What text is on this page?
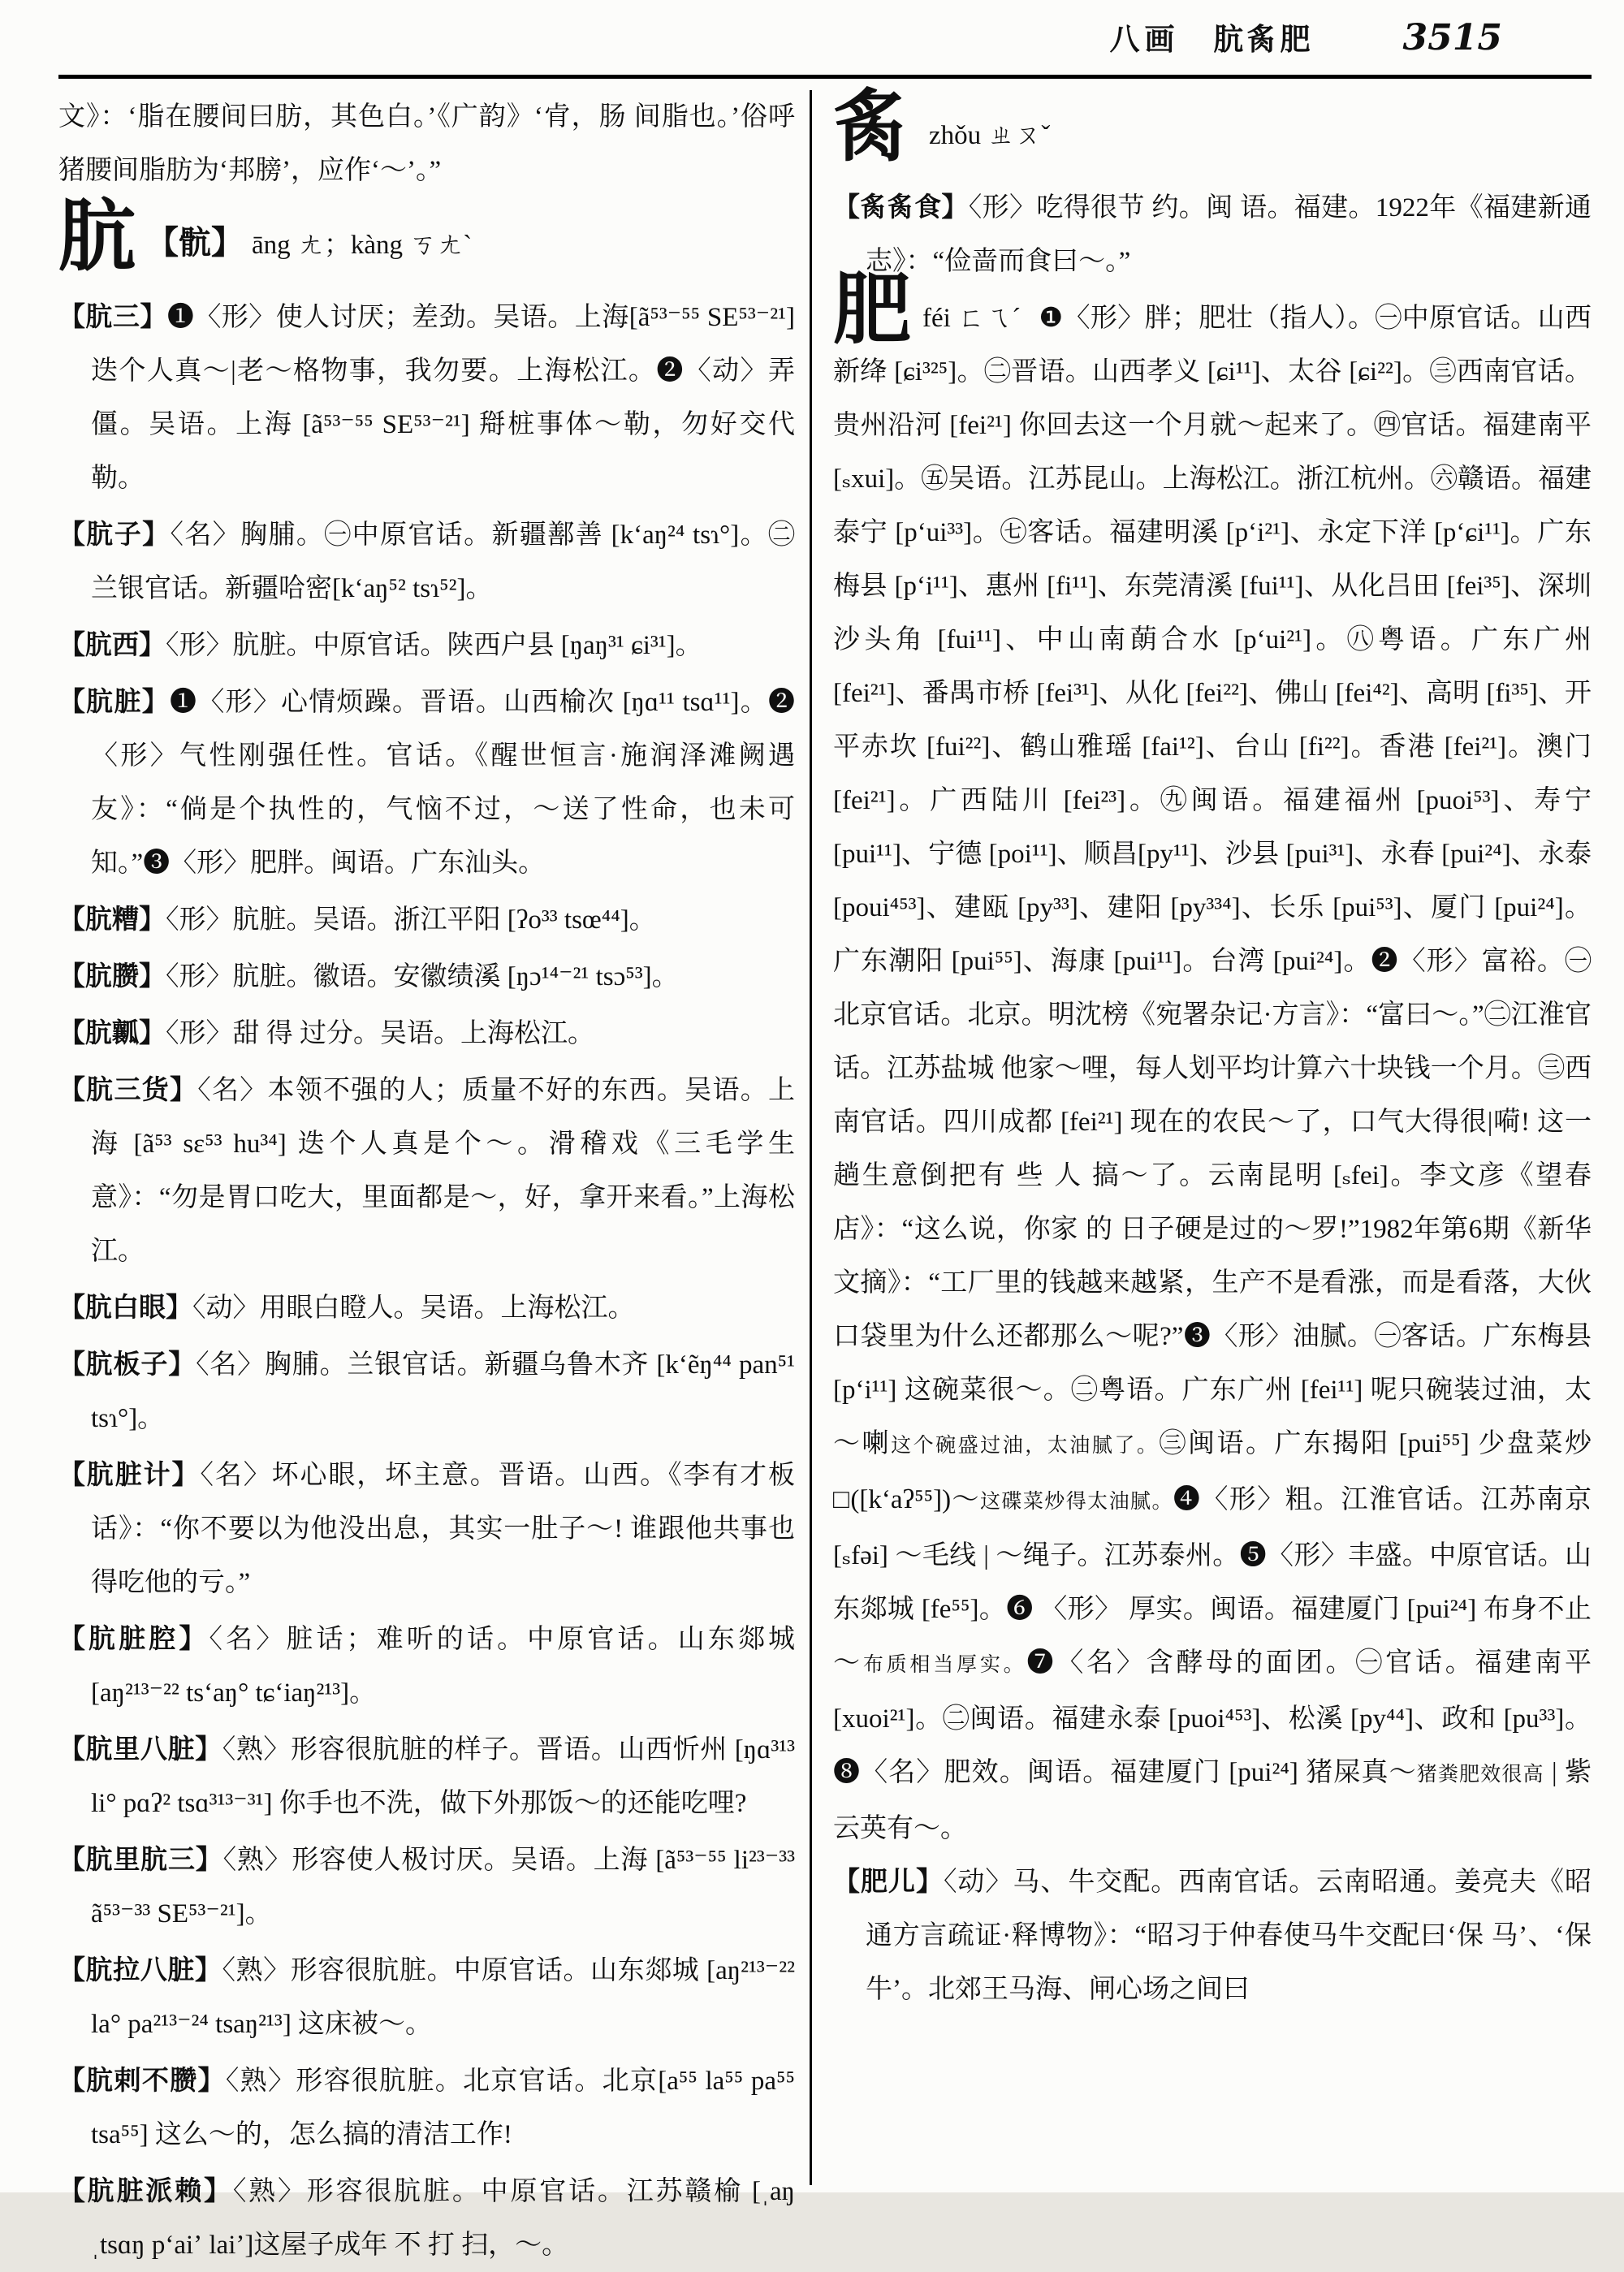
八画 肮䏑肥	3515

文》：‘脂在腰间曰肪，其色白。’《广韵》‘肻，肠 间脂也。’俗呼猪腰间脂肪为‘邦膀’，应作‘～’。”

肮 【骯】 āng ㄤ；kàng ㄎㄤˋ

【肮三】❶〈形〉使人讨厌；差劲。吴语。上海[ã⁵³⁻⁵⁵ SE⁵³⁻²¹] 迭个人真～|老～格物事，我勿要。上海松江。❷〈动〉弄僵。吴语。上海 [ã⁵³⁻⁵⁵ SE⁵³⁻²¹] 搿桩事体～勒，勿好交代勒。

【肮子】〈名〉胸脯。㊀中原官话。新疆鄯善 [kʻaŋ²⁴ tsɿ°]。㊁兰银官话。新疆哈密[kʻaŋ⁵² tsɿ⁵²]。

【肮西】〈形〉肮脏。中原官话。陕西户县 [ŋaŋ³¹ ɕi³¹]。

【肮脏】❶〈形〉心情烦躁。晋语。山西榆次 [ŋɑ¹¹ tsɑ¹¹]。❷〈形〉气性刚强任性。官话。《醒世恒言·施润泽滩阙遇友》：“倘是个执性的，气恼不过，～送了性命，也未可知。”❸〈形〉肥胖。闽语。广东汕头。

【肮糟】〈形〉肮脏。吴语。浙江平阳 [ʔo³³ tsœ⁴⁴]。

【肮臜】〈形〉肮脏。徽语。安徽绩溪 [ŋɔ¹⁴⁻²¹ tsɔ⁵³]。

【肮瓤】〈形〉甜 得 过分。吴语。上海松江。

【肮三货】〈名〉本领不强的人；质量不好的东西。吴语。上海 [ã⁵³ sɛ⁵³ hu³⁴] 迭个人真是个～。滑稽戏《三毛学生意》：“勿是胃口吃大，里面都是～，好，拿开来看。”上海松江。

【肮白眼】〈动〉用眼白瞪人。吴语。上海松江。

【肮板子】〈名〉胸脯。兰银官话。新疆乌鲁木齐 [kʻẽŋ⁴⁴ pan⁵¹ tsɿ°]。

【肮脏计】〈名〉坏心眼，坏主意。晋语。山西。《李有才板话》：“你不要以为他没出息，其实一肚子～! 谁跟他共事也得吃他的亏。”

【肮脏腔】〈名〉脏话；难听的话。中原官话。山东郯城 [aŋ²¹³⁻²² tsʻaŋ° tɕʻiaŋ²¹³]。

【肮里八脏】〈熟〉形容很肮脏的样子。晋语。山西忻州 [ŋɑ³¹³ li° pɑʔ² tsɑ³¹³⁻³¹] 你手也不洗，做下外那饭～的还能吃哩?

【肮里肮三】〈熟〉形容使人极讨厌。吴语。上海 [ã⁵³⁻⁵⁵ li²³⁻³³ ã⁵³⁻³³ SE⁵³⁻²¹]。

【肮拉八脏】〈熟〉形容很肮脏。中原官话。山东郯城 [aŋ²¹³⁻²² la° pa²¹³⁻²⁴ tsaŋ²¹³] 这床被～。

【肮剌不臜】〈熟〉形容很肮脏。北京官话。北京[a⁵⁵ la⁵⁵ pa⁵⁵ tsa⁵⁵] 这么～的，怎么搞的清洁工作!

【肮脏派赖】〈熟〉形容很肮脏。中原官话。江苏赣榆 [ˌaŋ ˌtsɑŋ pʻaiʼ laiʼ]这屋子成年 不 打 扫，～。

䏑zhǒu ㄓㄡˇ

【䏑䏑食】〈形〉吃得很节 约。闽 语。福建。1922年《福建新通志》：“俭啬而食曰～。”

肥féi ㄈㄟˊ ❶〈形〉胖；肥壮（指人）。㊀中原官话。山西新绛 [ɕi³²⁵]。㊁晋语。山西孝义 [ɕi¹¹]、太谷 [ɕi²²]。㊂西南官话。贵州沿河 [fei²¹] 你回去这一个月就～起来了。㊃官话。福建南平 [ₛxui]。㊄吴语。江苏昆山。上海松江。浙江杭州。㊅赣语。福建泰宁 [pʻui³³]。㊆客话。福建明溪 [pʻi²¹]、永定下洋 [pʻɕi¹¹]。广东梅县 [pʻi¹¹]、惠州 [fi¹¹]、东莞清溪 [fui¹¹]、从化吕田 [fei³⁵]、深圳沙头角 [fui¹¹]、中山南蓢合水 [pʻui²¹]。㊇粤语。广东广州 [fei²¹]、番禺市桥 [fei³¹]、从化 [fei²²]、佛山 [fei⁴²]、高明 [fi³⁵]、开平赤坎 [fui²²]、鹤山雅瑶 [fai¹²]、台山 [fi²²]。香港 [fei²¹]。澳门 [fei²¹]。广西陆川 [fei²³]。㊈闽语。福建福州 [puoi⁵³]、寿宁[pui¹¹]、宁德 [poi¹¹]、顺昌[py¹¹]、沙县 [pui³¹]、永春 [pui²⁴]、永泰 [poui⁴⁵³]、建瓯 [py³³]、建阳 [py³³⁴]、长乐 [pui⁵³]、厦门 [pui²⁴]。广东潮阳 [pui⁵⁵]、海康 [pui¹¹]。台湾 [pui²⁴]。❷〈形〉富裕。㊀北京官话。北京。明沈榜《宛署杂记·方言》：“富曰～。”㊁江淮官话。江苏盐城 他家～哩，每人划平均计算六十块钱一个月。㊂西南官话。四川成都 [fei²¹] 现在的农民～了，口气大得很|嗬! 这一趟生意倒把有 些 人 搞～了。云南昆明 [ₛfei]。李文彦《望春店》：“这么说，你家 的 日子硬是过的～罗!”1982年第6期《新华文摘》：“工厂里的钱越来越紧，生产不是看涨，而是看落，大伙口袋里为什么还都那么～呢?”❸〈形〉油腻。㊀客话。广东梅县 [pʻi¹¹] 这碗菜很～。㊁粤语。广东广州 [fei¹¹] 呢只碗装过油，太～喇这个碗盛过油，太油腻了。㊂闽语。广东揭阳 [pui⁵⁵] 少盘菜炒□([kʻaʔ⁵⁵])～这碟菜炒得太油腻。❹〈形〉粗。江淮官话。江苏南京[ₛfəi] ～毛线 | ～绳子。江苏泰州。❺〈形〉丰盛。中原官话。山东郯城 [fe⁵⁵]。❻ 〈形〉 厚实。闽语。福建厦门 [pui²⁴] 布身不止～布质相当厚实。❼〈名〉含酵母的面团。㊀官话。福建南平[xuoi²¹]。㊁闽语。福建永泰 [puoi⁴⁵³]、松溪 [py⁴⁴]、政和 [pu³³]。❽〈名〉肥效。闽语。福建厦门 [pui²⁴] 猪屎真～猪粪肥效很高 | 紫云英有～。

【肥儿】〈动〉马、牛交配。西南官话。云南昭通。姜亮夫《昭通方言疏证·释博物》：“昭习于仲春使马牛交配曰‘保 马’、‘保 牛’。北郊王马海、闸心场之间曰
